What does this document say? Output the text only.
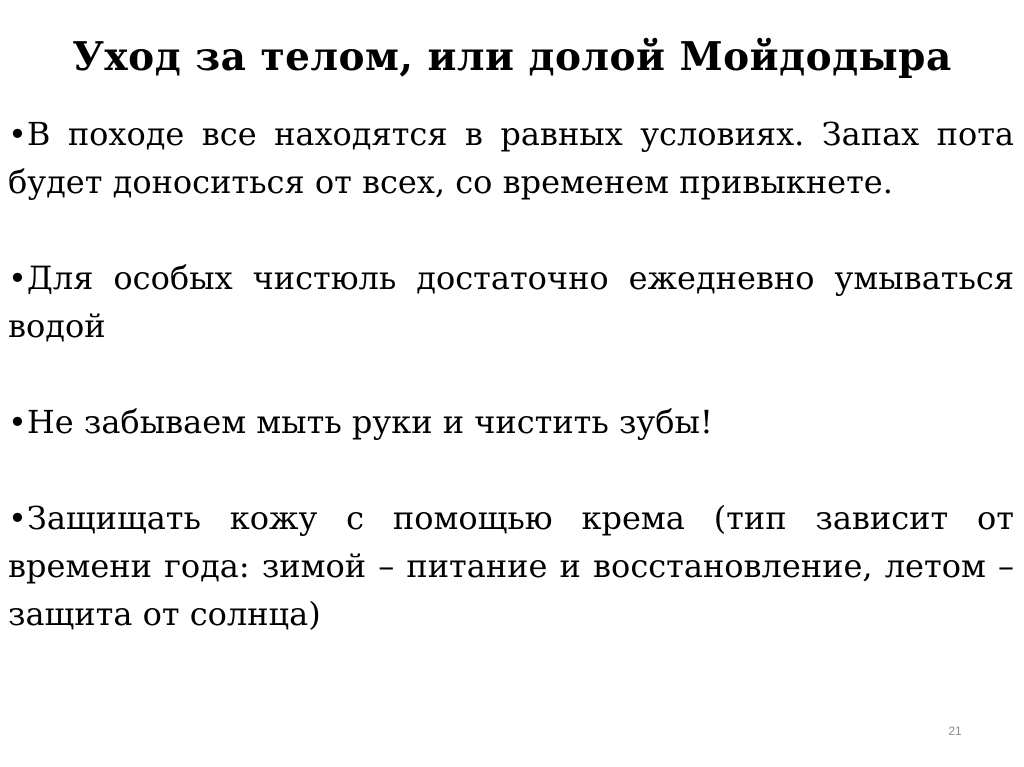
Уход за телом, или долой Мойдодыра

•В походе все находятся в равных условиях. Запах пота будет доноситься от всех, со временем привыкнете.

•Для особых чистюль достаточно ежедневно умываться водой

•Не забываем мыть руки и чистить зубы!

•Защищать кожу с помощью крема (тип зависит от времени года: зимой – питание и восстановление, летом – защита от солнца)

21
